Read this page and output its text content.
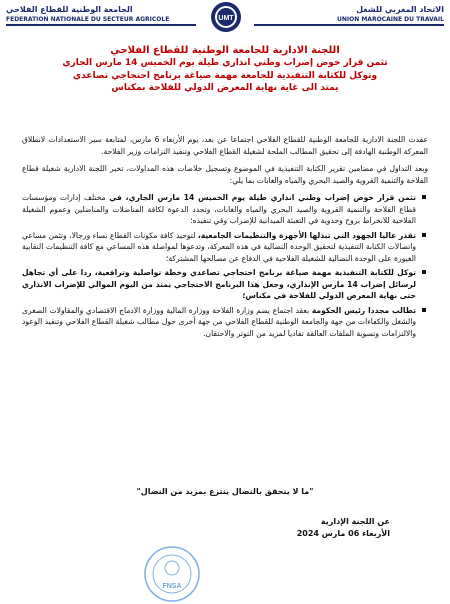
الجامعة الوطنية للقطاع الفلاحي
FEDERATION NATIONALE DU SECTEUR AGRICOLE	UMT
الاتحاد المغربي للشغل
UNION MAROCAINE DU TRAVAIL
اللجنة الادارية للجامعة الوطنية للقطاع الفلاحي
تثمن قرار خوض إضراب وطني انذاري طيلة يوم الخميس 14 مارس الجاري
وتوكل للكتابة التنفيذية للجامعة مهمة صياغة برنامج احتجاجي تصاعدي
يمتد الى غاية نهاية المعرض الدولي للفلاحة بمكناس

عقدت اللجنة الادارية للجامعة الوطنية للقطاع الفلاحي اجتماعا عن بعد، يوم الأربعاء 6 مارس، لمتابعة سير الاستعدادات لانطلاق المعركة الوطنية الهادفة إلى تحقيق المطالب الملحة لشغيلة القطاع الفلاحي وتنفيذ التزامات وزير الفلاحة.

وبعد التداول في مضامين تقرير الكتابة التنفيذية في الموضوع وتسجيل خلاصات هذه المداولات، تخبر اللجنة الادارية شغيلة قطاع الفلاحة والتنمية القروية والصيد البحري والمياه والغابات بما يلي:

تثمن قرار خوض إضراب وطني انذاري طيلة يوم الخميس 14 مارس الجاري، في مختلف إدارات ومؤسسات قطاع الفلاحة والتنمية القروية والصيد البحري والمياه والغابات، وتجدد الدعوة لكافة المناضلات والمناضلين وعموم الشغيلة الفلاحية للانخراط بروح وحدوية في التعبئة الميدانية للإضراب وفي تنفيذه؛
تقدر عاليا الجهود التي تبذلها الأجهزة والتنظيمات الجامعية، لتوحيد كافة مكونات القطاع نساء ورجالا، وتثمن مساعي واتصالات الكتابة التنفيذية لتحقيق الوحدة النضالية في هذه المعركة، وتدعوها لمواصلة هذه المساعي مع كافة التنظيمات النقابية الغيورة على الوحدة النضالية للشغيلة الفلاحية في الدفاع عن مصالحها المشتركة؛
توكل للكتابة التنفيذية مهمة صياغة برنامج احتجاجي تصاعدي وخطة تواصلية وترافعية، ردا على أي تجاهل لرسائل إضراب 14 مارس الإنذاري، وجعل هذا البرنامج الاحتجاجي يمتد من اليوم الموالي للإضراب الانذاري حتى نهاية المعرض الدولي للفلاحة في مكناس؛
تطالب مجددا رئيس الحكومة بعقد اجتماع يضم وزارة الفلاحة ووزارة المالية ووزارة الادماج الاقتصادي والمقاولات الصغرى والشغل والكفاءات من جهة والجامعة الوطنية للقطاع الفلاحي من جهة أخرى حول مطالب شغيلة القطاع الفلاحي وتنفيذ الوعود والالتزامات وتسوية الملفات العالقة تفاديا لمزيد من التوتر والاحتقان.
"ما لا يتحقق بالنضال ينتزع بمزيد من النضال"
عن اللجنة الإدارية
الأربعاء 06 مارس 2024
FNSA
